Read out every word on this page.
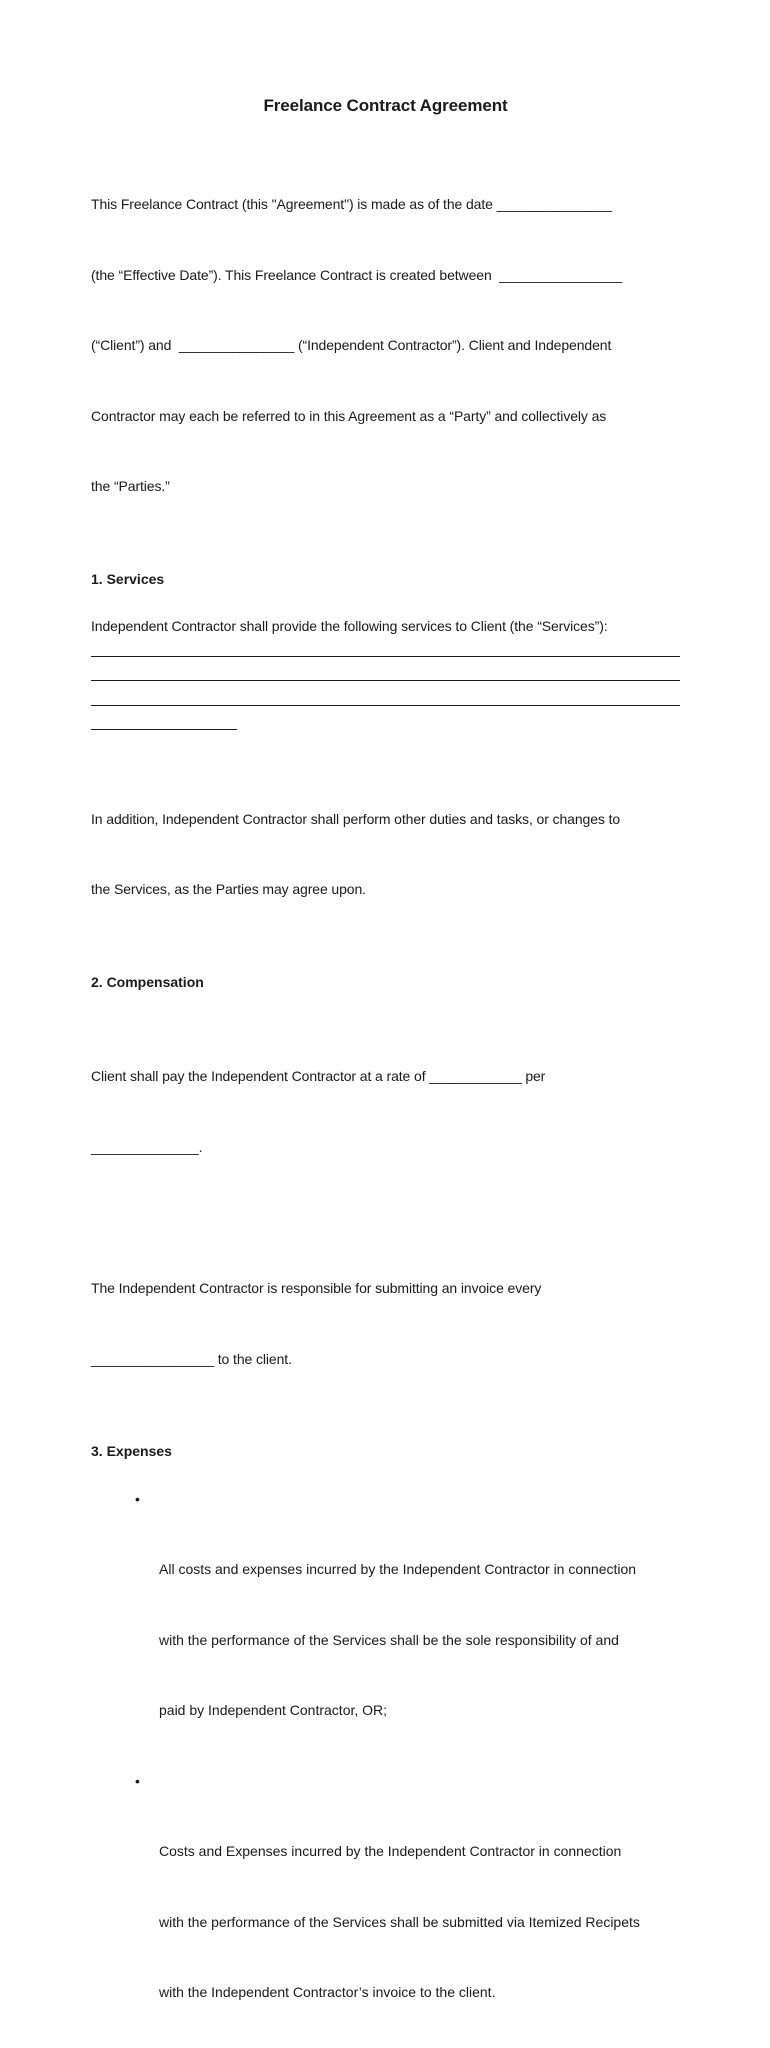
Freelance Contract Agreement

This Freelance Contract (this "Agreement") is made as of the date _______________

(the “Effective Date”). This Freelance Contract is created between  ________________

(“Client”) and  _______________ (“Independent Contractor”). Client and Independent

Contractor may each be referred to in this Agreement as a “Party” and collectively as

the “Parties.”

1. Services

Independent Contractor shall provide the following services to Client (the “Services”):

In addition, Independent Contractor shall perform other duties and tasks, or changes to

the Services, as the Parties may agree upon.

2. Compensation

Client shall pay the Independent Contractor at a rate of ____________ per

______________.

The Independent Contractor is responsible for submitting an invoice every

________________ to the client.

3. Expenses

•

All costs and expenses incurred by the Independent Contractor in connection

with the performance of the Services shall be the sole responsibility of and

paid by Independent Contractor, OR;

•

Costs and Expenses incurred by the Independent Contractor in connection

with the performance of the Services shall be submitted via Itemized Recipets

with the Independent Contractor’s invoice to the client.
